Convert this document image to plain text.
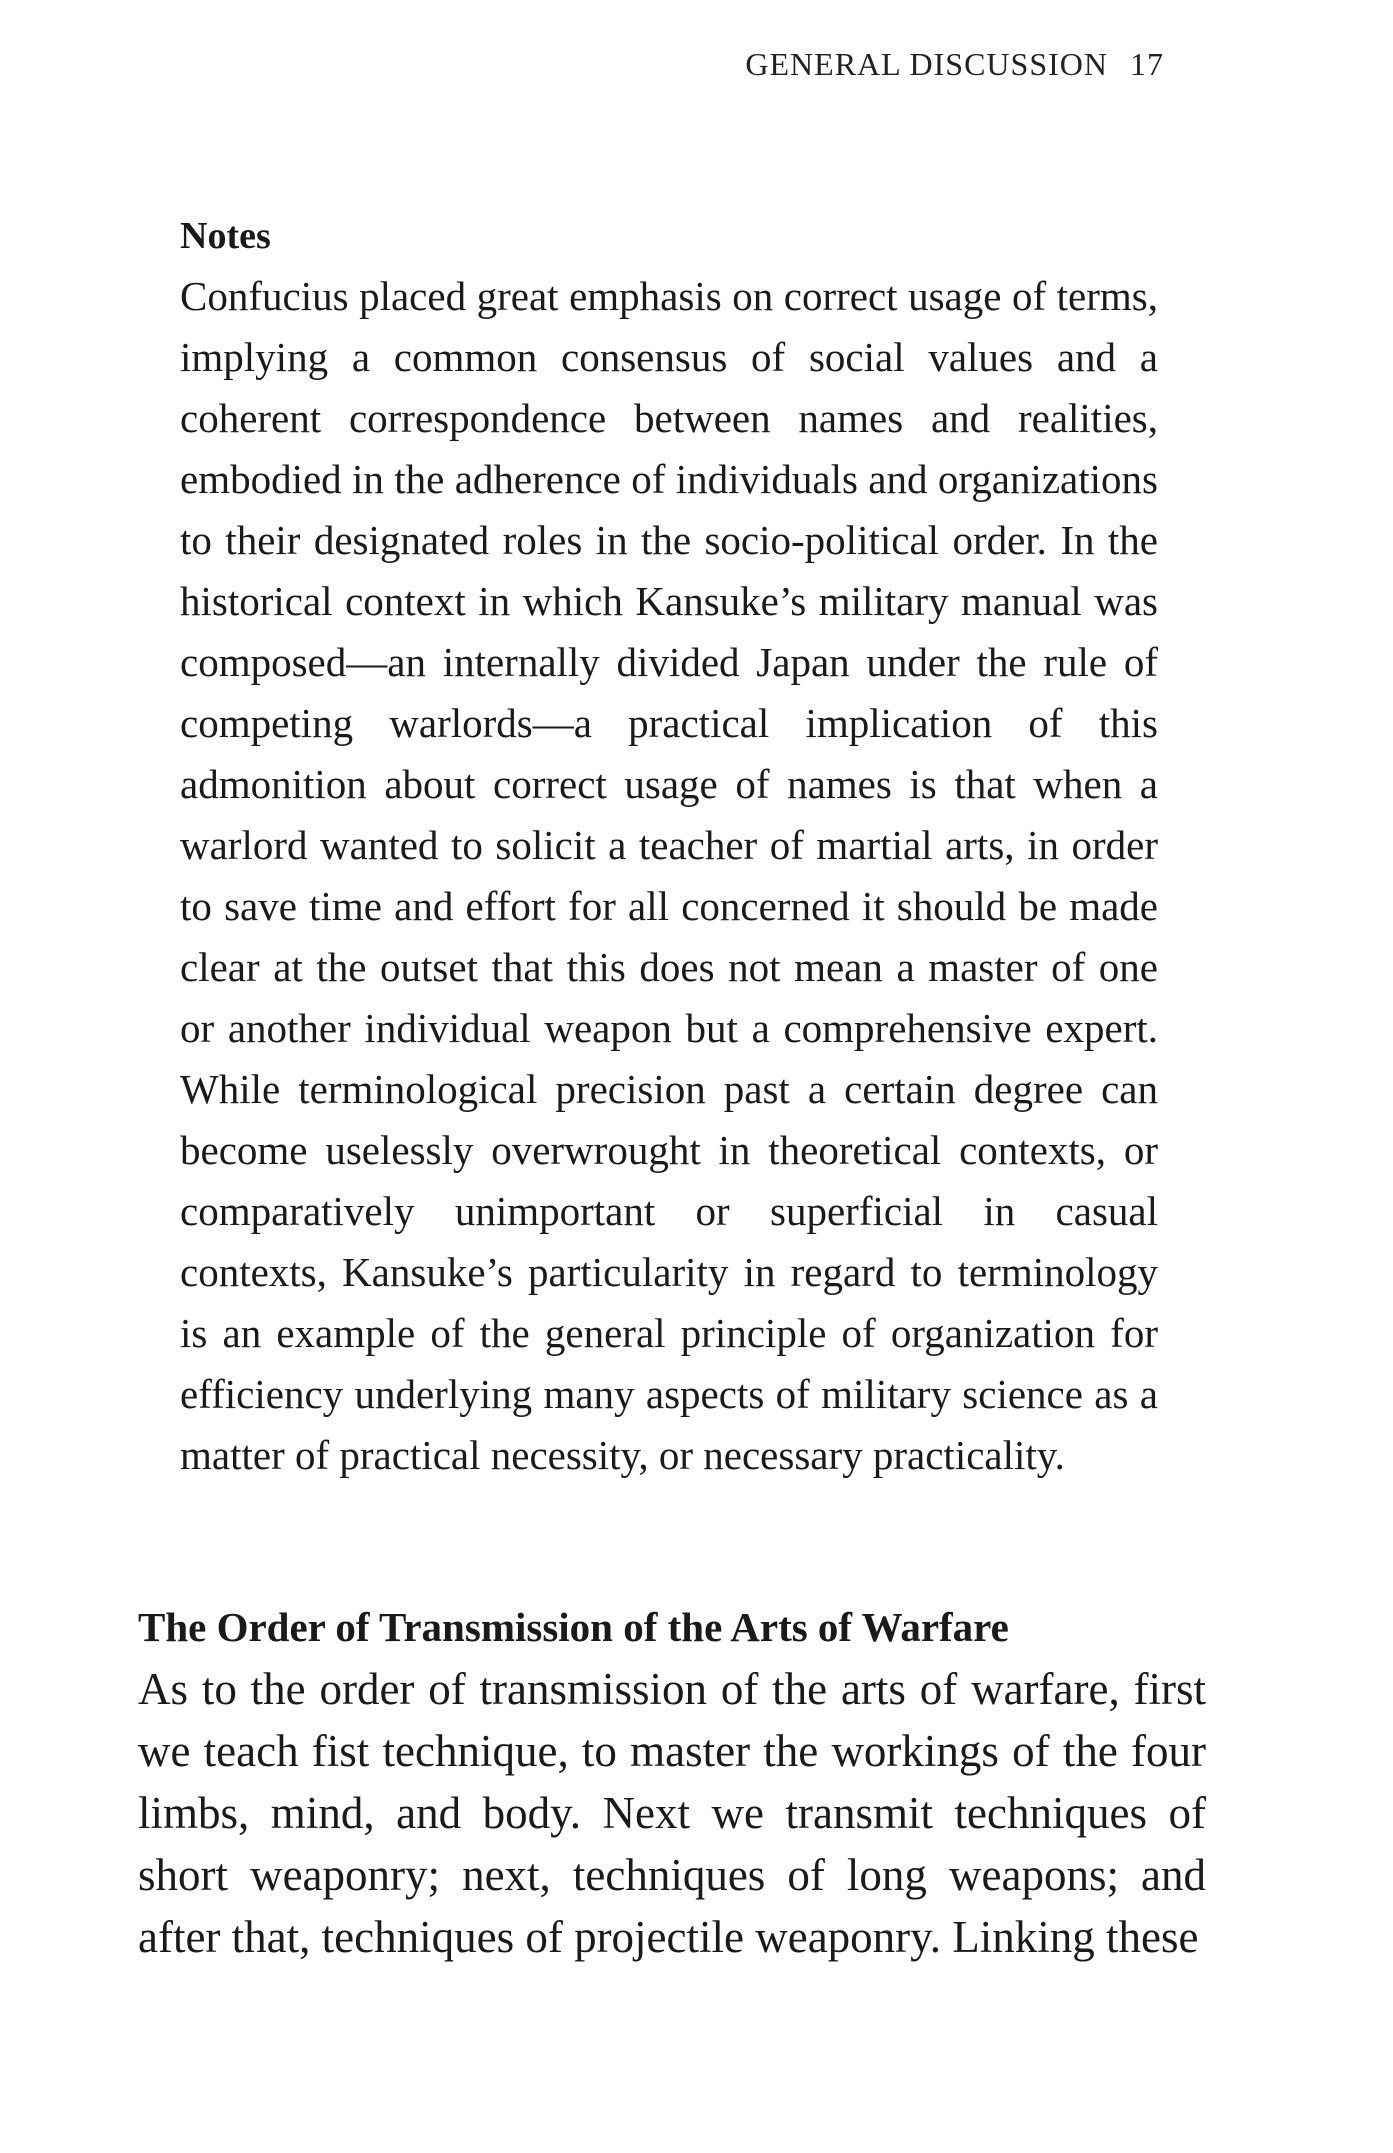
GENERAL DISCUSSION 17
Notes

Confucius placed great emphasis on correct usage of terms, implying a common consensus of social values and a coherent correspondence between names and realities, embodied in the adherence of individuals and organizations to their designated roles in the socio-political order. In the historical context in which Kansuke’s military manual was composed—an internally divided Japan under the rule of competing warlords—a practical implication of this admonition about correct usage of names is that when a warlord wanted to solicit a teacher of martial arts, in order to save time and effort for all concerned it should be made clear at the outset that this does not mean a master of one or another individual weapon but a comprehensive expert. While terminological precision past a certain degree can become uselessly overwrought in theoretical contexts, or comparatively unimportant or superficial in casual contexts, Kansuke’s particularity in regard to terminology is an example of the general principle of organization for efficiency underlying many aspects of military science as a matter of practical necessity, or necessary practicality.

The Order of Transmission of the Arts of Warfare

As to the order of transmission of the arts of warfare, first we teach fist technique, to master the workings of the four limbs, mind, and body. Next we transmit techniques of short weaponry; next, techniques of long weapons; and after that, techniques of projectile weaponry. Linking these
